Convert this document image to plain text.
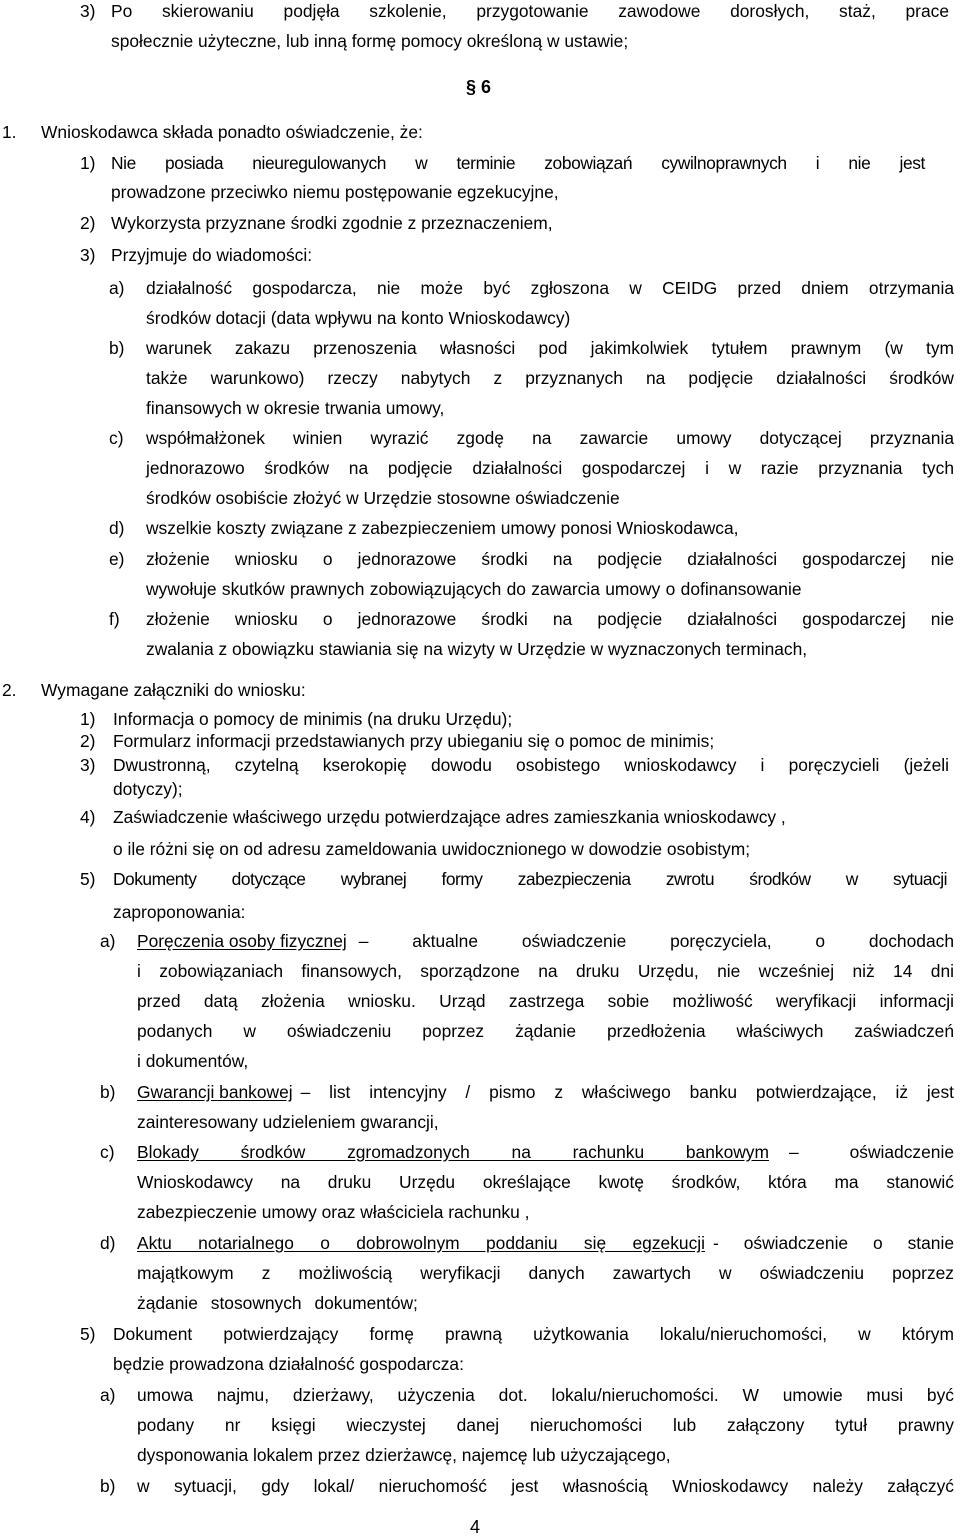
3) Po skierowaniu podjęła szkolenie, przygotowanie zawodowe dorosłych, staż, prace
społecznie użyteczne, lub inną formę pomocy określoną w ustawie;
§ 6
1. Wnioskodawca składa ponadto oświadczenie, że:
1) Nie posiada nieuregulowanych w terminie zobowiązań cywilnoprawnych i nie jest
prowadzone przeciwko niemu postępowanie egzekucyjne,
2) Wykorzysta przyznane środki zgodnie z przeznaczeniem,
3) Przyjmuje do wiadomości:
a) działalność gospodarcza, nie może być zgłoszona w CEIDG przed dniem otrzymania
środków dotacji (data wpływu na konto Wnioskodawcy)
b) warunek zakazu przenoszenia własności pod jakimkolwiek tytułem prawnym (w tym
także warunkowo) rzeczy nabytych z przyznanych na podjęcie działalności środków
finansowych w okresie trwania umowy,
c) współmałżonek winien wyrazić zgodę na zawarcie umowy dotyczącej przyznania
jednorazowo środków na podjęcie działalności gospodarczej i w razie przyznania tych
środków osobiście złożyć w Urzędzie stosowne oświadczenie
d) wszelkie koszty związane z zabezpieczeniem umowy ponosi Wnioskodawca,
e) złożenie wniosku o jednorazowe środki na podjęcie działalności gospodarczej nie
wywołuje skutków prawnych zobowiązujących do zawarcia umowy o dofinansowanie
f) złożenie wniosku o jednorazowe środki na podjęcie działalności gospodarczej nie
zwalania z obowiązku stawiania się na wizyty w Urzędzie w wyznaczonych terminach,
2. Wymagane załączniki do wniosku:
1) Informacja o pomocy de minimis (na druku Urzędu);
2) Formularz informacji przedstawianych przy ubieganiu się o pomoc de minimis;
3) Dwustronną, czytelną kserokopię dowodu osobistego wnioskodawcy i poręczycieli (jeżeli
dotyczy);
4) Zaświadczenie właściwego urzędu potwierdzające adres zamieszkania wnioskodawcy ,
o ile różni się on od adresu zameldowania uwidocznionego w dowodzie osobistym;
5) Dokumenty dotyczące wybranej formy zabezpieczenia zwrotu środków w sytuacji
zaproponowania:
a) Poręczenia osoby fizycznej – aktualne oświadczenie poręczyciela, o dochodach
i zobowiązaniach finansowych, sporządzone na druku Urzędu, nie wcześniej niż 14 dni
przed datą złożenia wniosku. Urząd zastrzega sobie możliwość weryfikacji informacji
podanych w oświadczeniu poprzez żądanie przedłożenia właściwych zaświadczeń
i dokumentów,
b) Gwarancji bankowej – list intencyjny / pismo z właściwego banku potwierdzające, iż jest
zainteresowany udzieleniem gwarancji,
c) Blokady środków zgromadzonych na rachunku bankowym – oświadczenie
Wnioskodawcy na druku Urzędu określające kwotę środków, która ma stanowić
zabezpieczenie umowy oraz właściciela rachunku ,
d) Aktu notarialnego o dobrowolnym poddaniu się egzekucji - oświadczenie o stanie
majątkowym z możliwością weryfikacji danych zawartych w oświadczeniu poprzez
żądanie stosownych dokumentów;
5) Dokument potwierdzający formę prawną użytkowania lokalu/nieruchomości, w którym
będzie prowadzona działalność gospodarcza:
a) umowa najmu, dzierżawy, użyczenia dot. lokalu/nieruchomości. W umowie musi być
podany nr księgi wieczystej danej nieruchomości lub załączony tytuł prawny
dysponowania lokalem przez dzierżawcę, najemcę lub użyczającego,
b) w sytuacji, gdy lokal/ nieruchomość jest własnością Wnioskodawcy należy załączyć
4
